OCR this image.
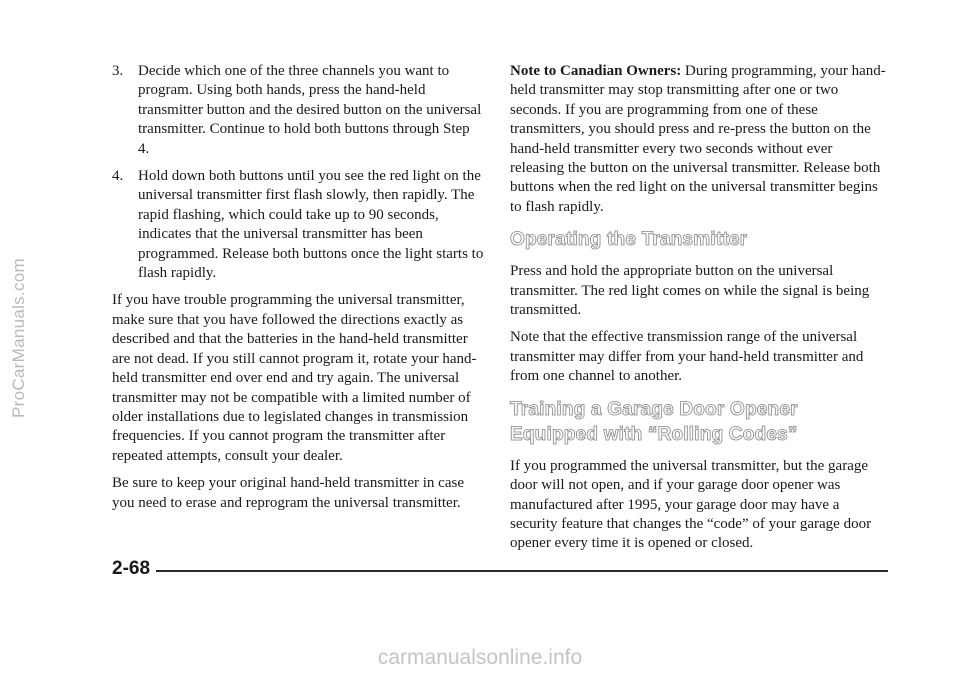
ProCarManuals.com
3. Decide which one of the three channels you want to program. Using both hands, press the hand-held transmitter button and the desired button on the universal transmitter. Continue to hold both buttons through Step 4.
4. Hold down both buttons until you see the red light on the universal transmitter first flash slowly, then rapidly. The rapid flashing, which could take up to 90 seconds, indicates that the universal transmitter has been programmed. Release both buttons once the light starts to flash rapidly.

If you have trouble programming the universal transmitter, make sure that you have followed the directions exactly as described and that the batteries in the hand-held transmitter are not dead. If you still cannot program it, rotate your hand-held transmitter end over end and try again. The universal transmitter may not be compatible with a limited number of older installations due to legislated changes in transmission frequencies. If you cannot program the transmitter after repeated attempts, consult your dealer.

Be sure to keep your original hand-held transmitter in case you need to erase and reprogram the universal transmitter.

Note to Canadian Owners: During programming, your hand-held transmitter may stop transmitting after one or two seconds. If you are programming from one of these transmitters, you should press and re-press the button on the hand-held transmitter every two seconds without ever releasing the button on the universal transmitter. Release both buttons when the red light on the universal transmitter begins to flash rapidly.

Operating the Transmitter

Press and hold the appropriate button on the universal transmitter. The red light comes on while the signal is being transmitted.

Note that the effective transmission range of the universal transmitter may differ from your hand-held transmitter and from one channel to another.

Training a Garage Door Opener Equipped with “Rolling Codes”

If you programmed the universal transmitter, but the garage door will not open, and if your garage door opener was manufactured after 1995, your garage door may have a security feature that changes the “code” of your garage door opener every time it is opened or closed.

2-68
carmanualsonline.info
